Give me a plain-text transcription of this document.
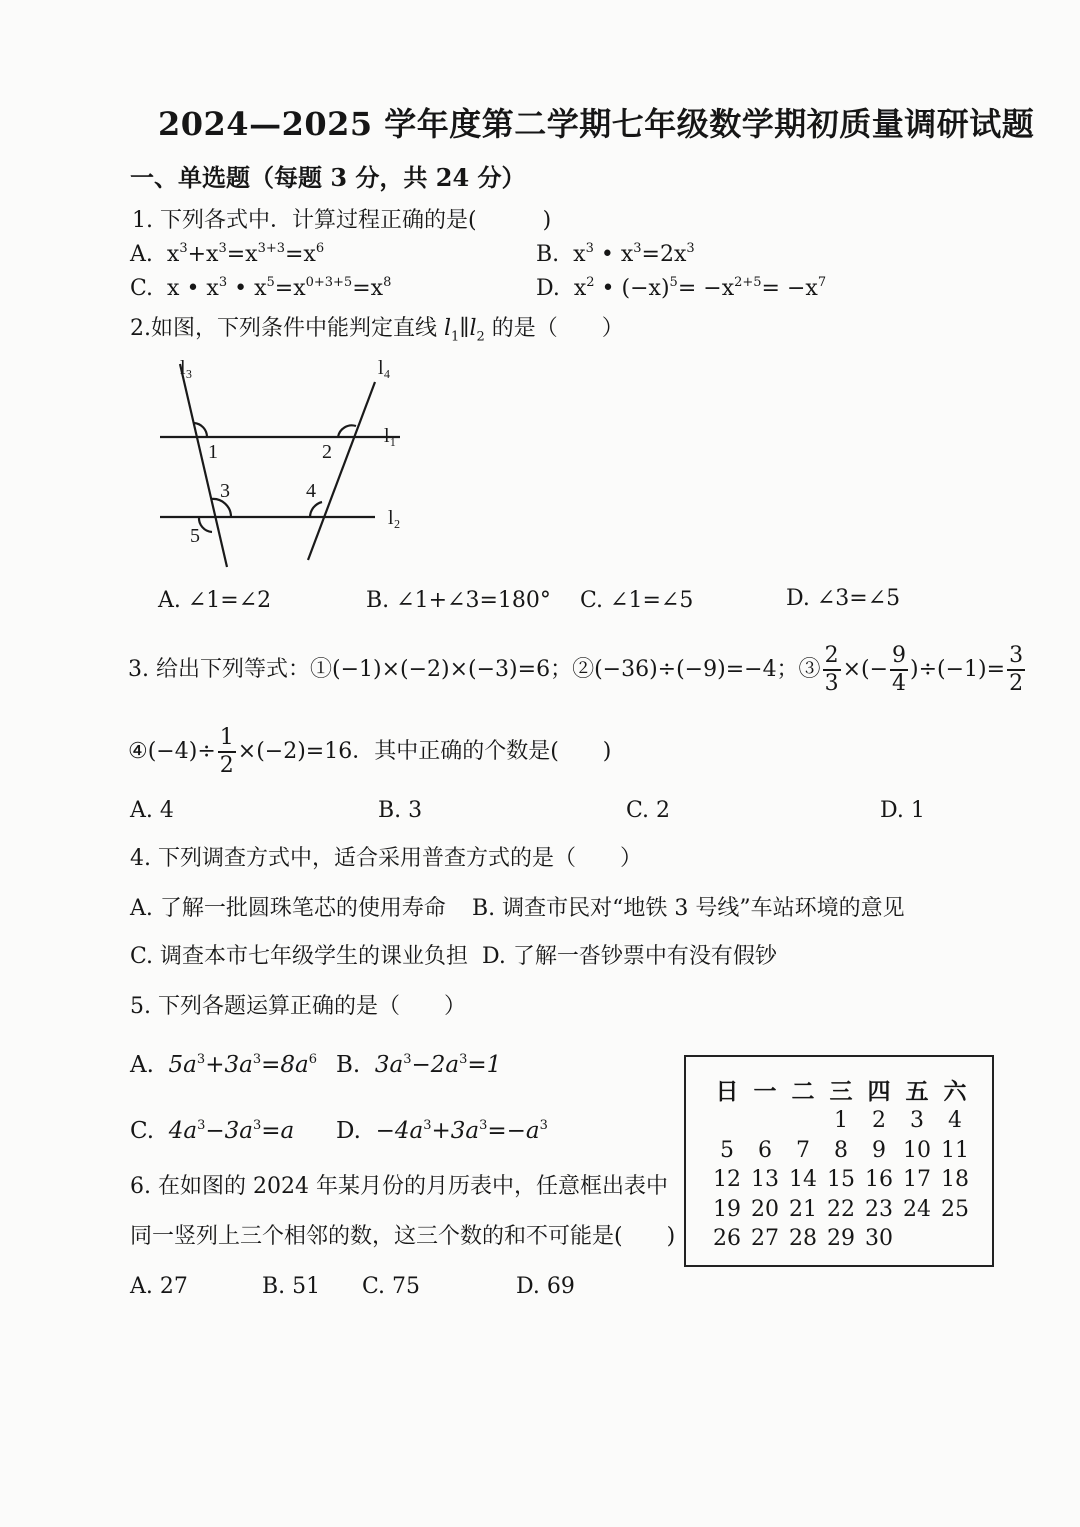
2024—2025 学年度第二学期七年级数学期初质量调研试题
一、单选题（每题 3 分，共 24 分）
1. 下列各式中．计算过程正确的是(　　　)
A. $x^3+x^3=x^{3+3}=x^6$	B. $x^3$ • $x^3=2x^3$
C. x • $x^3$ • $x^5=x^{0+3+5}=x^8$	D. $x^2$ • $(-x)^5= -x^{2+5}= -x^7$
2.如图，下列条件中能判定直线 $l_1\parallel l_2$ 的是（　　）
l₃	l₄
l₁
l₂
1	2
3	4
5
A. ∠1=∠2	B. ∠1+∠3=180° C. ∠1=∠5	D. ∠3=∠5
3. 给出下列等式：①(−1)×(−2)×(−3)=6；②(−36)÷(−9)=−4；③ $\frac{2}{3}$ ×(− $\frac{9}{4} )\div(-1)= \frac{3}{2}$
④(−4)÷ $\frac{1}{2} \times(-2)=16$．其中正确的个数是(　　)
A. 4	B. 3	C. 2	D. 1
4. 下列调查方式中，适合采用普查方式的是（　　）
A. 了解一批圆珠笔芯的使用寿命 B. 调查市民对“地铁 3 号线”车站环境的意见
C. 调查本市七年级学生的课业负担 D. 了解一沓钞票中有没有假钞
5. 下列各题运算正确的是（　　）
A. $5a^3+3a^3=8a^6$ B. $3a^3-2a^3=1$
C. $4a^3-3a^3=a$ D. $-4a^3+3a^3=-a^3$
6. 在如图的 2024 年某月份的月历表中，任意框出表中
同一竖列上三个相邻的数，这三个数的和不可能是(　　)
A. 27	B. 51 C. 75	D. 69
日	一	二	三	四	五	六
			1	2	3	4
5	6	7	8	9	10	11
12	13	14	15	16	17	18
19	20	21	22	23	24	25
26	27	28	29	30		
